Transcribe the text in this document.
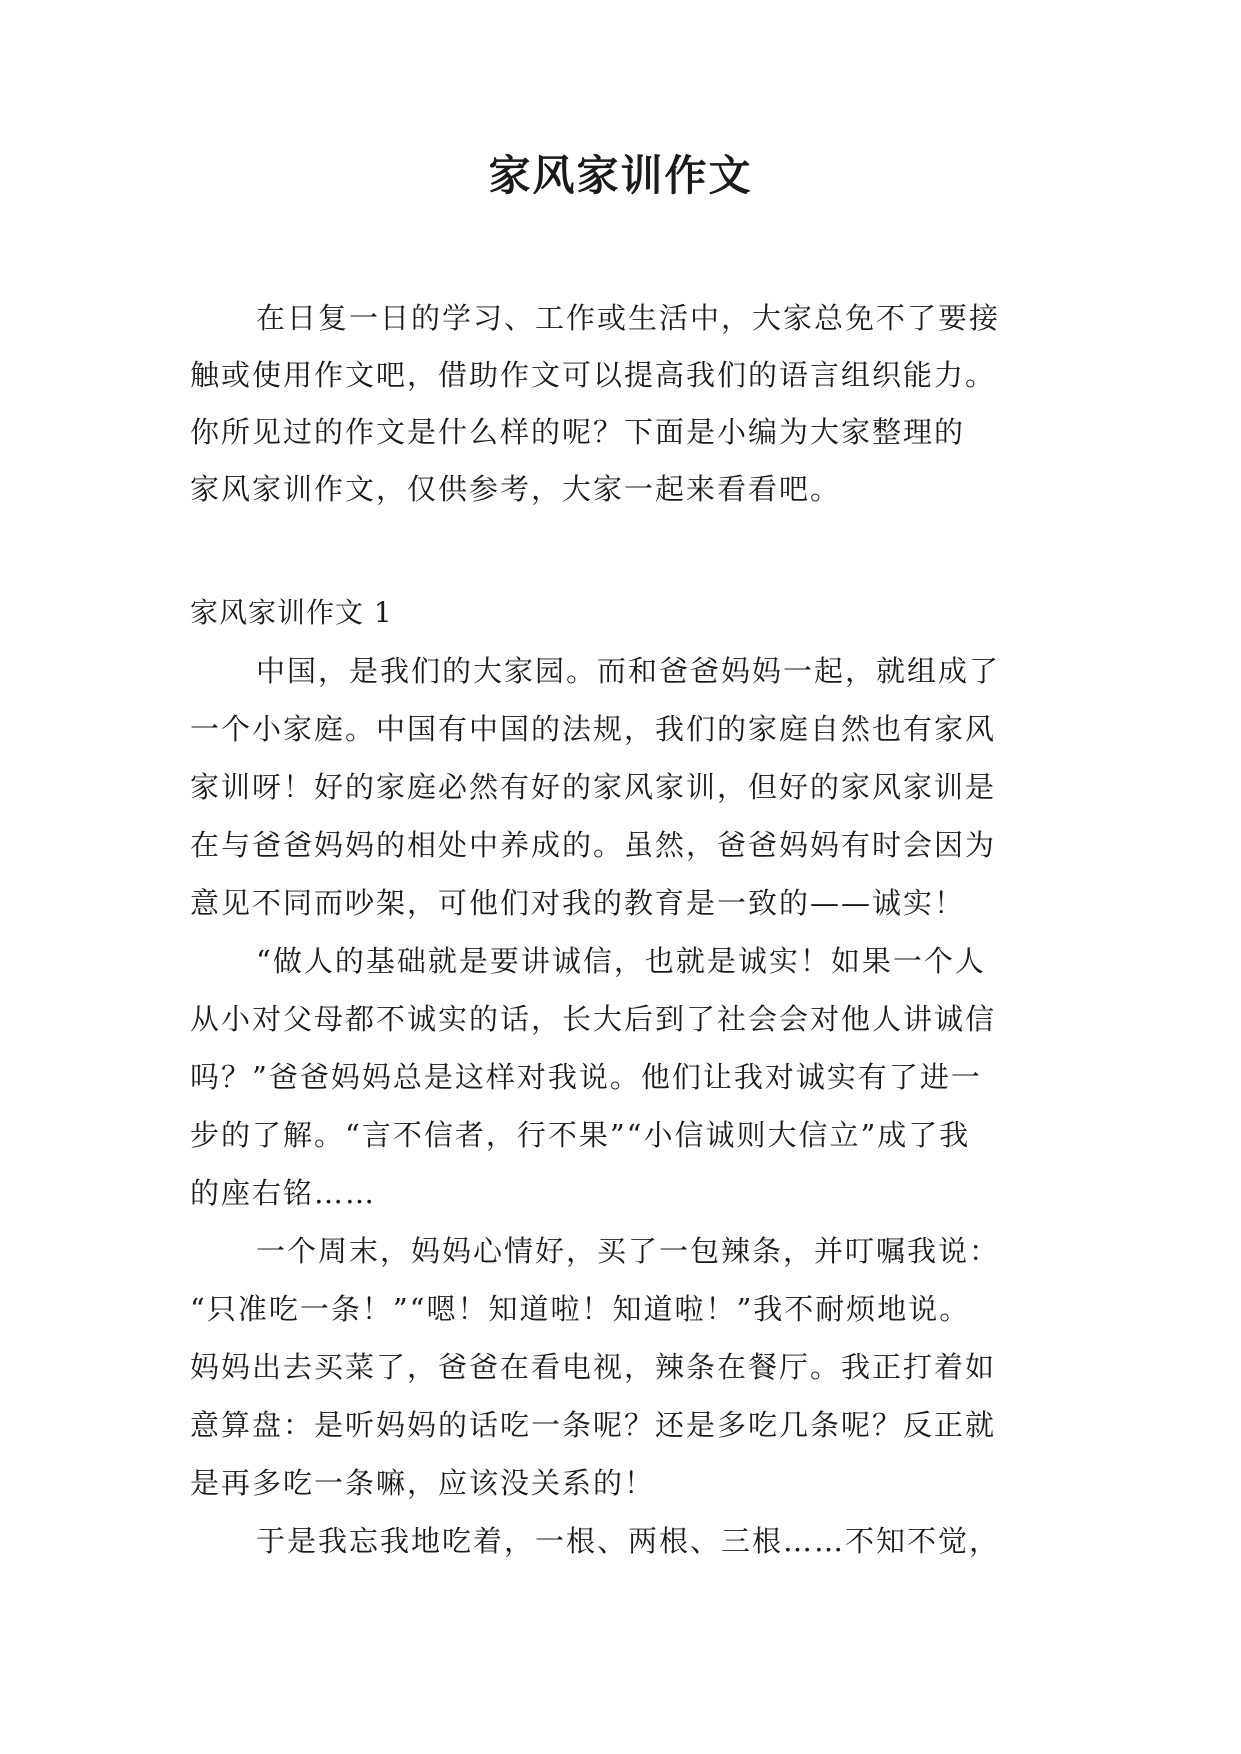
家风家训作文
在日复一日的学习、工作或生活中，大家总免不了要接
触或使用作文吧，借助作文可以提高我们的语言组织能力。
你所见过的作文是什么样的呢？下面是小编为大家整理的
家风家训作文，仅供参考，大家一起来看看吧。
家风家训作文 1
中国，是我们的大家园。而和爸爸妈妈一起，就组成了
一个小家庭。中国有中国的法规，我们的家庭自然也有家风
家训呀！好的家庭必然有好的家风家训，但好的家风家训是
在与爸爸妈妈的相处中养成的。虽然，爸爸妈妈有时会因为
意见不同而吵架，可他们对我的教育是一致的——诚实！
“做人的基础就是要讲诚信，也就是诚实！如果一个人
从小对父母都不诚实的话，长大后到了社会会对他人讲诚信
吗？”爸爸妈妈总是这样对我说。他们让我对诚实有了进一
步的了解。“言不信者，行不果”“小信诚则大信立”成了我
的座右铭……
一个周末，妈妈心情好，买了一包辣条，并叮嘱我说：
“只准吃一条！”“嗯！知道啦！知道啦！”我不耐烦地说。
妈妈出去买菜了，爸爸在看电视，辣条在餐厅。我正打着如
意算盘：是听妈妈的话吃一条呢？还是多吃几条呢？反正就
是再多吃一条嘛，应该没关系的！
于是我忘我地吃着，一根、两根、三根……不知不觉，
